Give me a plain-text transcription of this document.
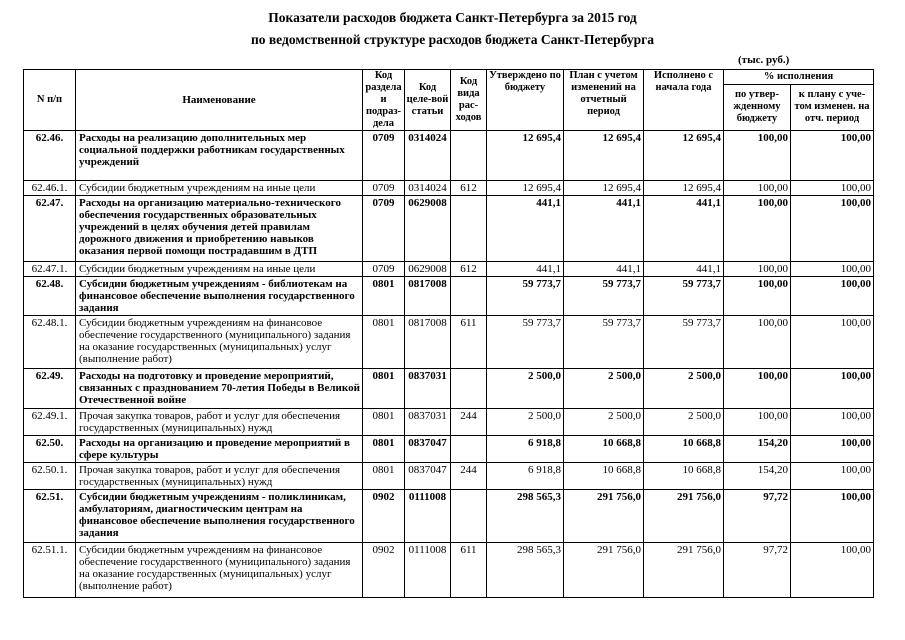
Показатели расходов бюджета Санкт-Петербурга за 2015 год
по ведомственной структуре расходов бюджета Санкт-Петербурга
(тыс. руб.)
N п/п	Наименование	Код раздела и подраз-дела	Код целе-вой статьи	Код вида рас-ходов	Утверждено по бюджету	План с учетом изменений на отчетный период	Исполнено с начала года	% исполнения	
								по утвер-жденному бюджету	к плану с уче-том изменен. на отч. период
62.46.	Расходы на реализацию дополнительных мер социальной поддержки работникам государственных учреждений	0709	0314024		12 695,4	12 695,4	12 695,4	100,00	100,00
62.46.1.	Субсидии бюджетным учреждениям на иные цели	0709	0314024	612	12 695,4	12 695,4	12 695,4	100,00	100,00
62.47.	Расходы на организацию материально-технического обеспечения государственных образовательных учреждений в целях обучения детей правилам дорожного движения и приобретению навыков оказания первой помощи пострадавшим в ДТП	0709	0629008		441,1	441,1	441,1	100,00	100,00
62.47.1.	Субсидии бюджетным учреждениям на иные цели	0709	0629008	612	441,1	441,1	441,1	100,00	100,00
62.48.	Субсидии бюджетным учреждениям - библиотекам на финансовое обеспечение выполнения государственного задания	0801	0817008		59 773,7	59 773,7	59 773,7	100,00	100,00
62.48.1.	Субсидии бюджетным учреждениям на финансовое обеспечение государственного (муниципального) задания на оказание государственных (муниципальных) услуг (выполнение работ)	0801	0817008	611	59 773,7	59 773,7	59 773,7	100,00	100,00
62.49.	Расходы на подготовку и проведение мероприятий, связанных с празднованием 70-летия Победы в Великой Отечественной войне	0801	0837031		2 500,0	2 500,0	2 500,0	100,00	100,00
62.49.1.	Прочая закупка товаров, работ и услуг для обеспечения государственных (муниципальных) нужд	0801	0837031	244	2 500,0	2 500,0	2 500,0	100,00	100,00
62.50.	Расходы на организацию и проведение мероприятий в сфере культуры	0801	0837047		6 918,8	10 668,8	10 668,8	154,20	100,00
62.50.1.	Прочая закупка товаров, работ и услуг для обеспечения государственных (муниципальных) нужд	0801	0837047	244	6 918,8	10 668,8	10 668,8	154,20	100,00
62.51.	Субсидии бюджетным учреждениям - поликлиникам, амбулаториям, диагностическим центрам на финансовое обеспечение выполнения государственного задания	0902	0111008		298 565,3	291 756,0	291 756,0	97,72	100,00
62.51.1.	Субсидии бюджетным учреждениям на финансовое обеспечение государственного (муниципального) задания на оказание государственных (муниципальных) услуг (выполнение работ)	0902	0111008	611	298 565,3	291 756,0	291 756,0	97,72	100,00
